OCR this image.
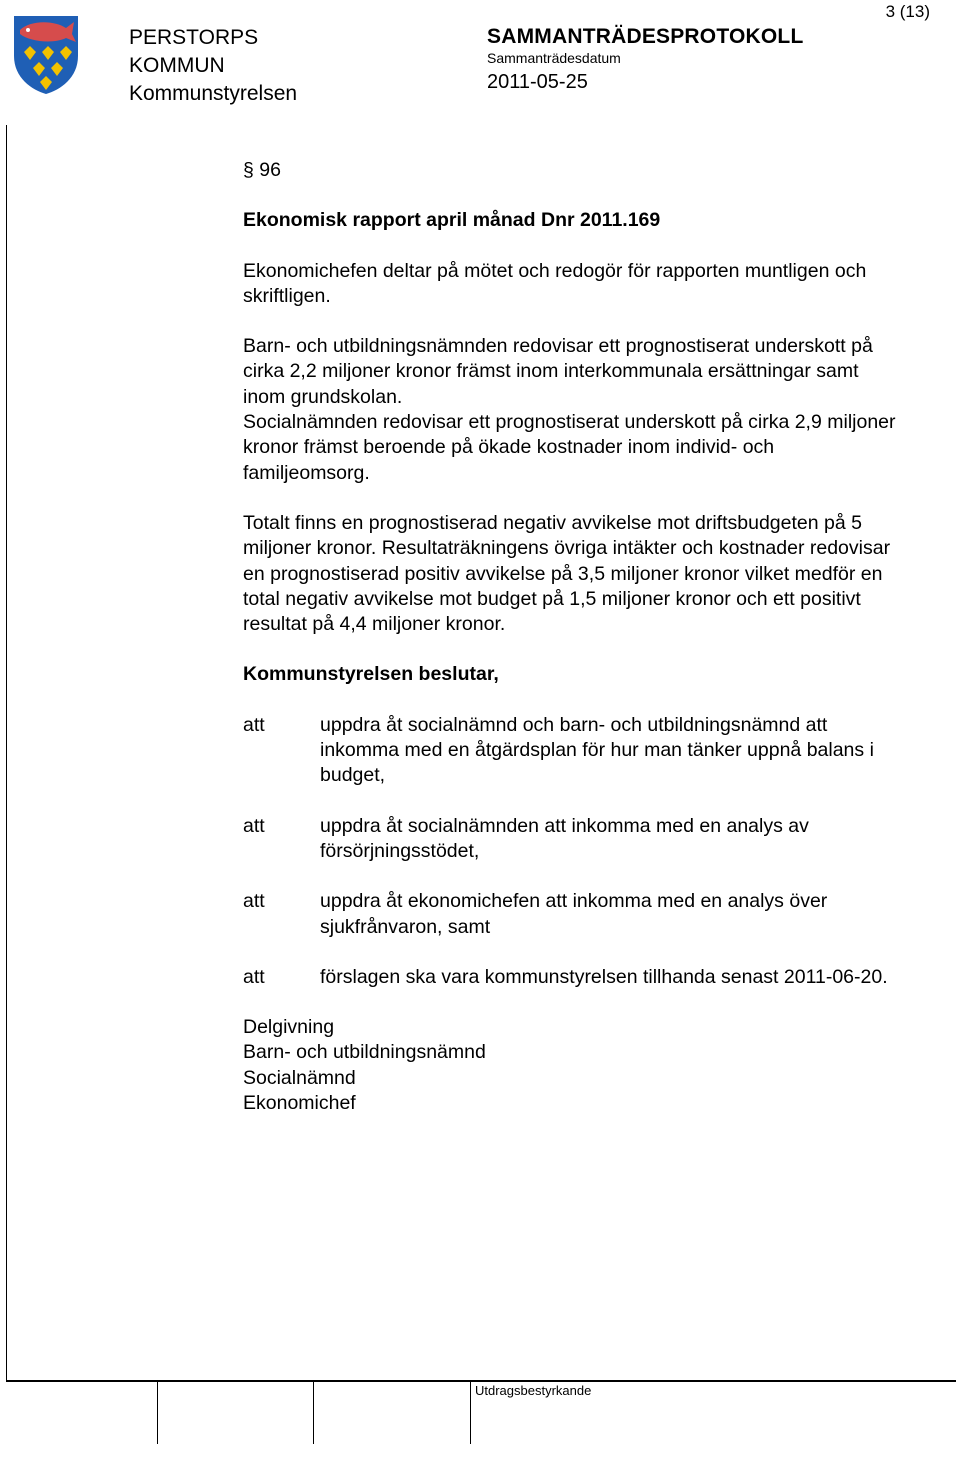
3 (13)
PERSTORPS
KOMMUN
Kommunstyrelsen
SAMMANTRÄDESPROTOKOLL
Sammanträdesdatum
2011-05-25

§ 96

Ekonomisk rapport april månad Dnr 2011.169

Ekonomichefen deltar på mötet och redogör för rapporten muntligen och skriftligen.

Barn- och utbildningsnämnden redovisar ett prognostiserat underskott på cirka 2,2 miljoner kronor främst inom interkommunala ersättningar samt inom grundskolan.

Socialnämnden redovisar ett prognostiserat underskott på cirka 2,9 miljoner kronor främst beroende på ökade kostnader inom individ- och familjeomsorg.

Totalt finns en prognostiserad negativ avvikelse mot driftsbudgeten på 5 miljoner kronor. Resultaträkningens övriga intäkter och kostnader redovisar en prognostiserad positiv avvikelse på 3,5 miljoner kronor vilket medför en total negativ avvikelse mot budget på 1,5 miljoner kronor och ett positivt resultat på 4,4 miljoner kronor.

Kommunstyrelsen beslutar,

att	uppdra åt socialnämnd och barn- och utbildningsnämnd att inkomma med en åtgärdsplan för hur man tänker uppnå balans i budget,
att	uppdra åt socialnämnden att inkomma med en analys av försörjningsstödet,
att	uppdra åt ekonomichefen att inkomma med en analys över sjukfrånvaron, samt
att	förslagen ska vara kommunstyrelsen tillhanda senast 2011-06-20.

Delgivning

Barn- och utbildningsnämnd

Socialnämnd

Ekonomichef

Utdragsbestyrkande
